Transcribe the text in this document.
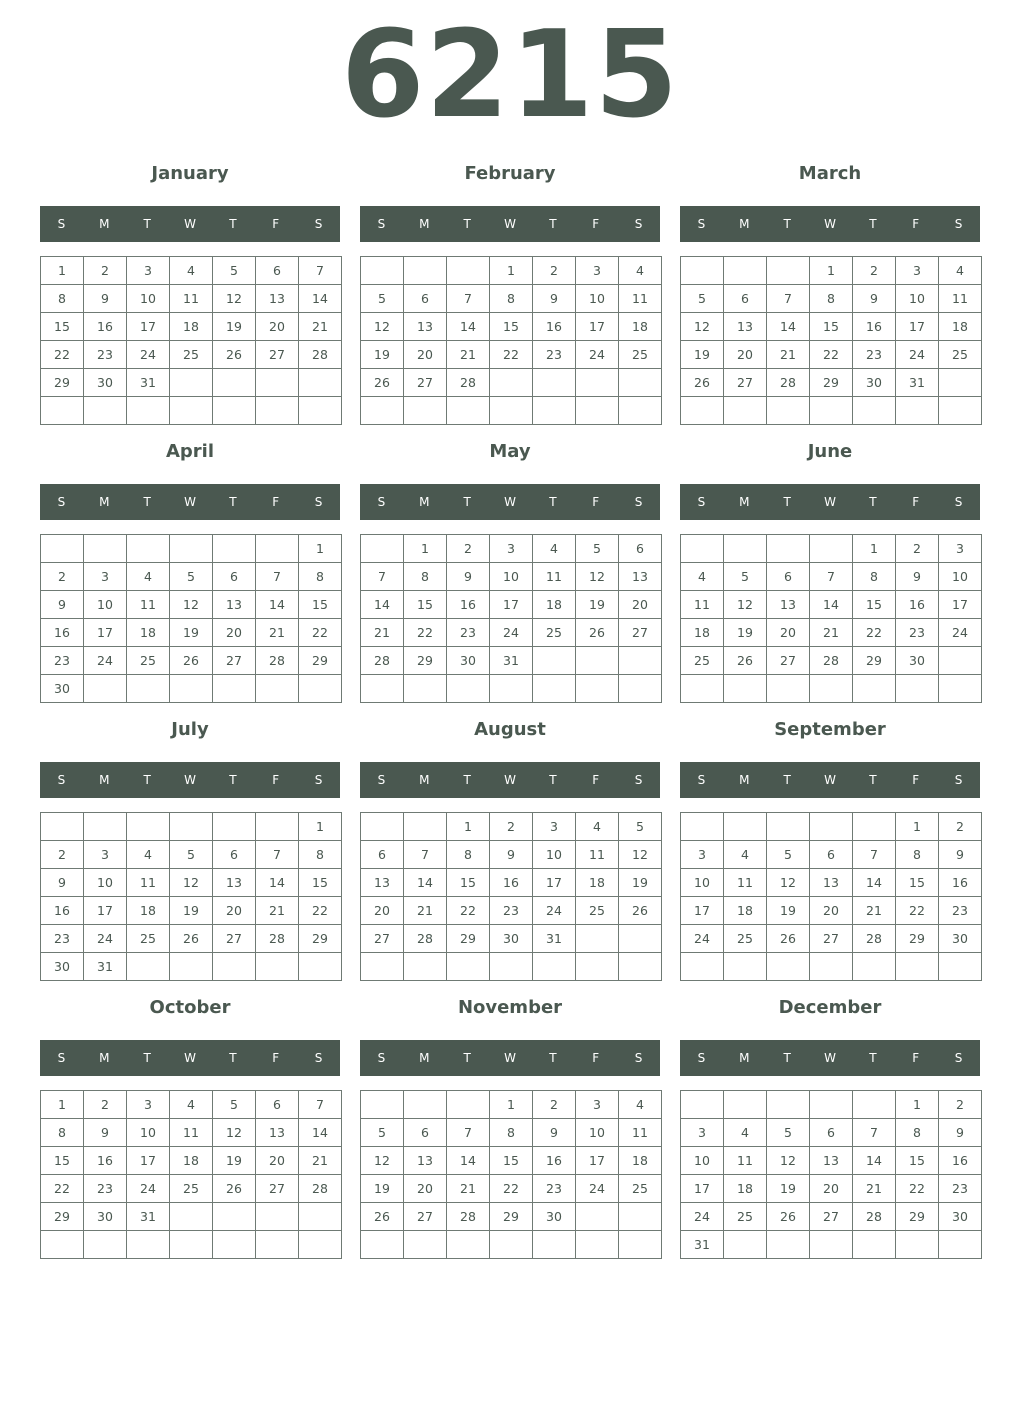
6215
January
S	M	T	W	T	F	S
1	2	3	4	5	6	7
8	9	10	11	12	13	14
15	16	17	18	19	20	21
22	23	24	25	26	27	28
29	30	31				

February
S	M	T	W	T	F	S
			1	2	3	4
5	6	7	8	9	10	11
12	13	14	15	16	17	18
19	20	21	22	23	24	25
26	27	28				

March
S	M	T	W	T	F	S
			1	2	3	4
5	6	7	8	9	10	11
12	13	14	15	16	17	18
19	20	21	22	23	24	25
26	27	28	29	30	31	

April
S	M	T	W	T	F	S
						1
2	3	4	5	6	7	8
9	10	11	12	13	14	15
16	17	18	19	20	21	22
23	24	25	26	27	28	29
30						
May
S	M	T	W	T	F	S
	1	2	3	4	5	6
7	8	9	10	11	12	13
14	15	16	17	18	19	20
21	22	23	24	25	26	27
28	29	30	31			

June
S	M	T	W	T	F	S
				1	2	3
4	5	6	7	8	9	10
11	12	13	14	15	16	17
18	19	20	21	22	23	24
25	26	27	28	29	30	

July
S	M	T	W	T	F	S
						1
2	3	4	5	6	7	8
9	10	11	12	13	14	15
16	17	18	19	20	21	22
23	24	25	26	27	28	29
30	31					
August
S	M	T	W	T	F	S
		1	2	3	4	5
6	7	8	9	10	11	12
13	14	15	16	17	18	19
20	21	22	23	24	25	26
27	28	29	30	31		

September
S	M	T	W	T	F	S
					1	2
3	4	5	6	7	8	9
10	11	12	13	14	15	16
17	18	19	20	21	22	23
24	25	26	27	28	29	30

October
S	M	T	W	T	F	S
1	2	3	4	5	6	7
8	9	10	11	12	13	14
15	16	17	18	19	20	21
22	23	24	25	26	27	28
29	30	31				

November
S	M	T	W	T	F	S
			1	2	3	4
5	6	7	8	9	10	11
12	13	14	15	16	17	18
19	20	21	22	23	24	25
26	27	28	29	30		

December
S	M	T	W	T	F	S
					1	2
3	4	5	6	7	8	9
10	11	12	13	14	15	16
17	18	19	20	21	22	23
24	25	26	27	28	29	30
31						
